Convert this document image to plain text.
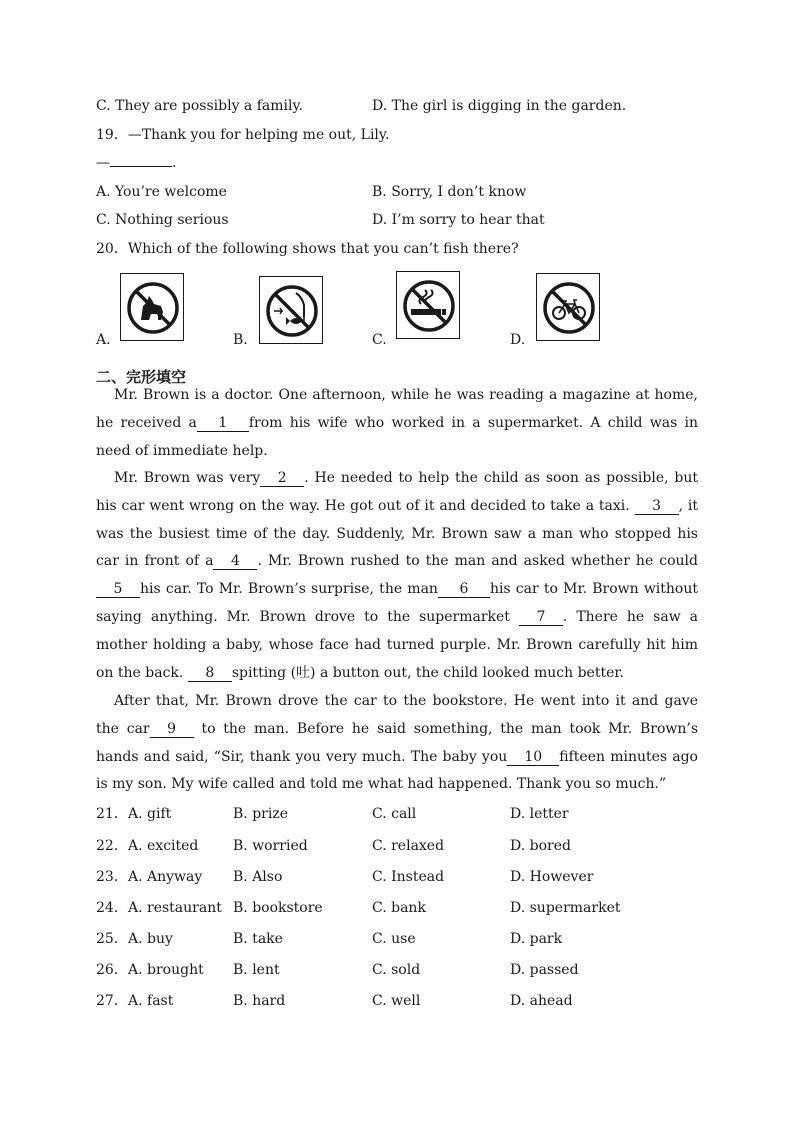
C. They are possibly a family.	D. The girl is digging in the garden.
19．—Thank you for helping me out, Lily.
—	.
A. You’re welcome	B. Sorry, I don’t know
C. Nothing serious	D. I’m sorry to hear that
20．Which of the following shows that you can’t fish there?
A.	B.	C.	D.
二、完形填空

Mr. Brown is a doctor. One afternoon, while he was reading a magazine at home, he received a 1 from his wife who worked in a supermarket. A child was in need of immediate help.

Mr. Brown was very 2 . He needed to help the child as soon as possible, but his car went wrong on the way. He got out of it and decided to take a taxi. 3 , it was the busiest time of the day. Suddenly, Mr. Brown saw a man who stopped his car in front of a 4 . Mr. Brown rushed to the man and asked whether he could5 his car. To Mr. Brown’s surprise, the man 6 his car to Mr. Brown without saying anything. Mr. Brown drove to the supermarket 7 . There he saw a mother holding a baby, whose face had turned purple. Mr. Brown carefully hit him on the back. 8 spitting (吐) a button out, the child looked much better.

After that, Mr. Brown drove the car to the bookstore. He went into it and gave the car 9 to the man. Before he said something, the man took Mr. Brown’s hands and said, “Sir, thank you very much. The baby you 10 fifteen minutes ago is my son. My wife called and told me what had happened. Thank you so much.”

21． A. gift	B. prize	C. call	D. letter
22． A. excited B. worried	C. relaxed	D. bored
23． A. Anyway B. Also	C. Instead	D. However
24． A. restaurant B. bookstore	C. bank	D. supermarket
25． A. buy	B. take	C. use	D. park
26． A. brought B. lent	C. sold	D. passed
27． A. fast	B. hard	C. well	D. ahead
